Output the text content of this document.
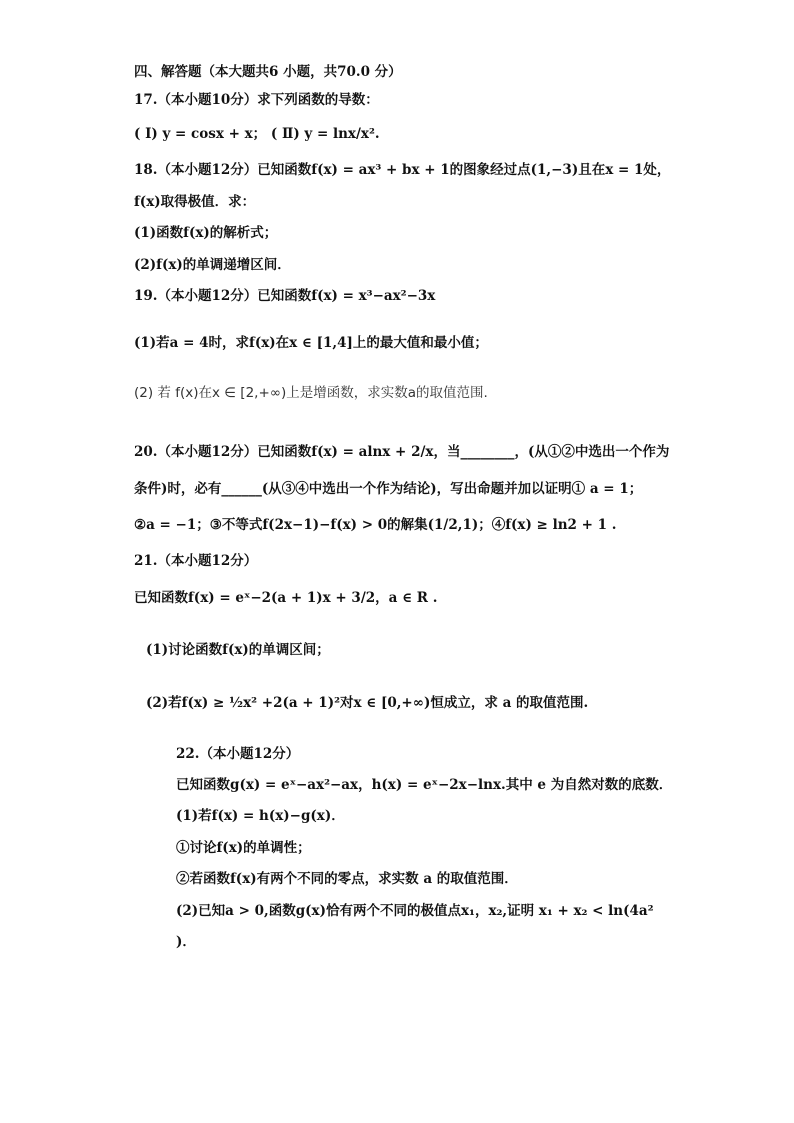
四、解答题（本大题共6 小题，共70.0 分）
17.（本小题10分）求下列函数的导数：
( Ⅰ) y = cosx + x； ( Ⅱ) y = lnx/x².
18.（本小题12分）已知函数f(x) = ax³ + bx + 1的图象经过点(1,−3)且在x = 1处，
f(x)取得极值．求：
(1)函数f(x)的解析式；
(2)f(x)的单调递增区间．
19.（本小题12分）已知函数f(x) = x³−ax²−3x
(1)若a = 4时，求f(x)在x ∈ [1,4]上的最大值和最小值；
(2) 若 f(x)在x ∈ [2,+∞)上是增函数，求实数a的取值范围.
20.（本小题12分）已知函数f(x) = alnx + 2/x，当________，(从①②中选出一个作为
条件)时，必有______(从③④中选出一个作为结论)，写出命题并加以证明① a = 1；
②a = −1；③不等式f(2x−1)−f(x) > 0的解集(1/2,1)；④f(x) ≥ ln2 + 1 .
21.（本小题12分）
已知函数f(x) = eˣ−2(a + 1)x + 3/2，a ∈ R .
(1)讨论函数f(x)的单调区间；
(2)若f(x) ≥ ½x² +2(a + 1)²对x ∈ [0,+∞)恒成立，求 a 的取值范围.
22.（本小题12分）
已知函数g(x) = eˣ−ax²−ax，h(x) = eˣ−2x−lnx.其中 e 为自然对数的底数．
(1)若f(x) = h(x)−g(x)．
①讨论f(x)的单调性；
②若函数f(x)有两个不同的零点，求实数 a 的取值范围．
(2)已知a > 0,函数g(x)恰有两个不同的极值点x₁，x₂,证明 x₁ + x₂ < ln(4a²
)．
